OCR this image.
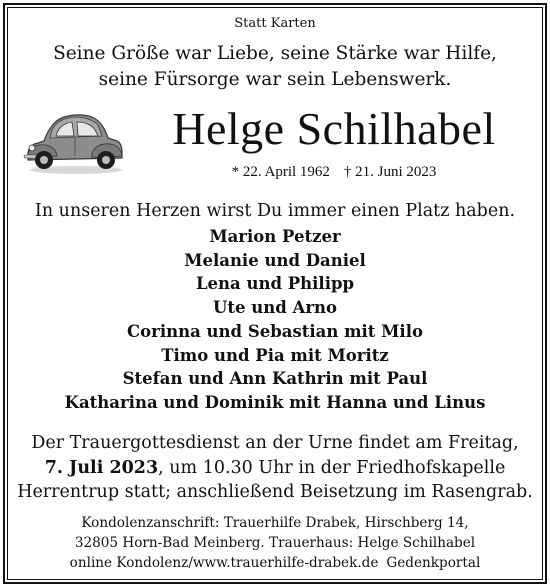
Statt Karten
Seine Größe war Liebe, seine Stärke war Hilfe,
seine Fürsorge war sein Lebenswerk.
Helge Schilhabel
* 22. April 1962 † 21. Juni 2023
In unseren Herzen wirst Du immer einen Platz haben.
Marion Petzer
Melanie und Daniel
Lena und Philipp
Ute und Arno
Corinna und Sebastian mit Milo
Timo und Pia mit Moritz
Stefan und Ann Kathrin mit Paul
Katharina und Dominik mit Hanna und Linus
Der Trauergottesdienst an der Urne findet am Freitag,
7. Juli 2023, um 10.30 Uhr in der Friedhofskapelle
Herrentrup statt; anschließend Beisetzung im Rasengrab.
Kondolenzanschrift: Trauerhilfe Drabek, Hirschberg 14,
32805 Horn-Bad Meinberg. Trauerhaus: Helge Schilhabel
online Kondolenz/www.trauerhilfe-drabek.de Gedenkportal
